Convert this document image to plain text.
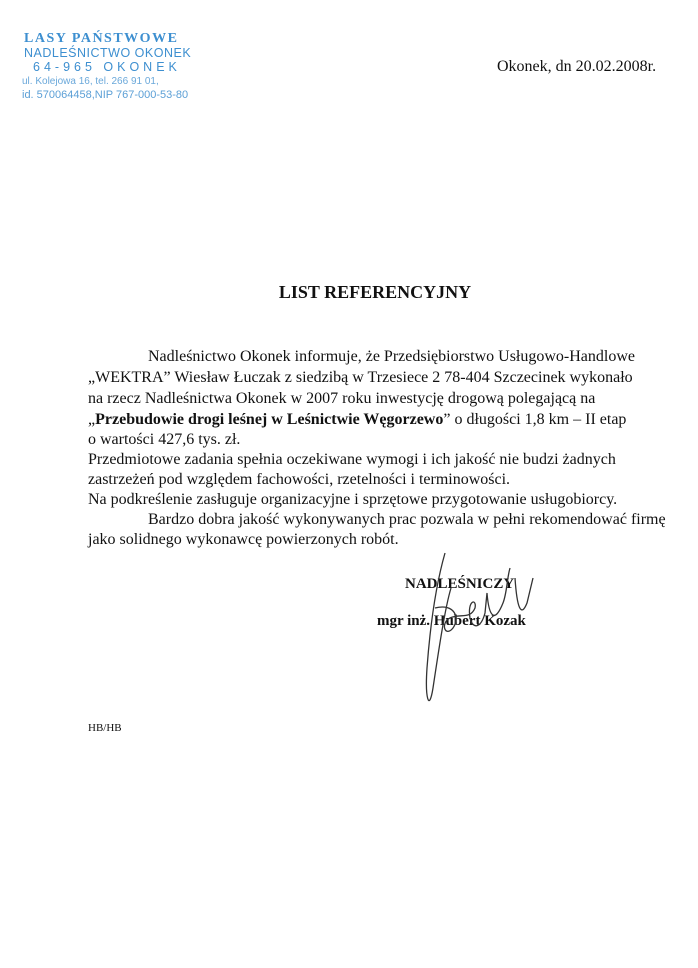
LASY PAŃSTWOWE
NADLEŚNICTWO OKONEK
64-965 OKONEK
ul. Kolejowa 16, tel. 266 91 01,
id. 570064458,NIP 767-000-53-80
Okonek, dn 20.02.2008r.
LIST REFERENCYJNY
Nadleśnictwo Okonek informuje, że Przedsiębiorstwo Usługowo-Handlowe
„WEKTRA” Wiesław Łuczak z siedzibą w Trzesiece 2 78-404 Szczecinek wykonało
na rzecz Nadleśnictwa Okonek w 2007 roku inwestycję drogową polegającą na
„Przebudowie drogi leśnej w Leśnictwie Węgorzewo” o długości 1,8 km – II etap
o wartości 427,6 tys. zł.
Przedmiotowe zadania spełnia oczekiwane wymogi i ich jakość nie budzi żadnych
zastrzeżeń pod względem fachowości, rzetelności i terminowości.
Na podkreślenie zasługuje organizacyjne i sprzętowe przygotowanie usługobiorcy.
Bardzo dobra jakość wykonywanych prac pozwala w pełni rekomendować firmę
jako solidnego wykonawcę powierzonych robót.
NADLEŚNICZY
mgr inż. Hubert Kozak
HB/HB
